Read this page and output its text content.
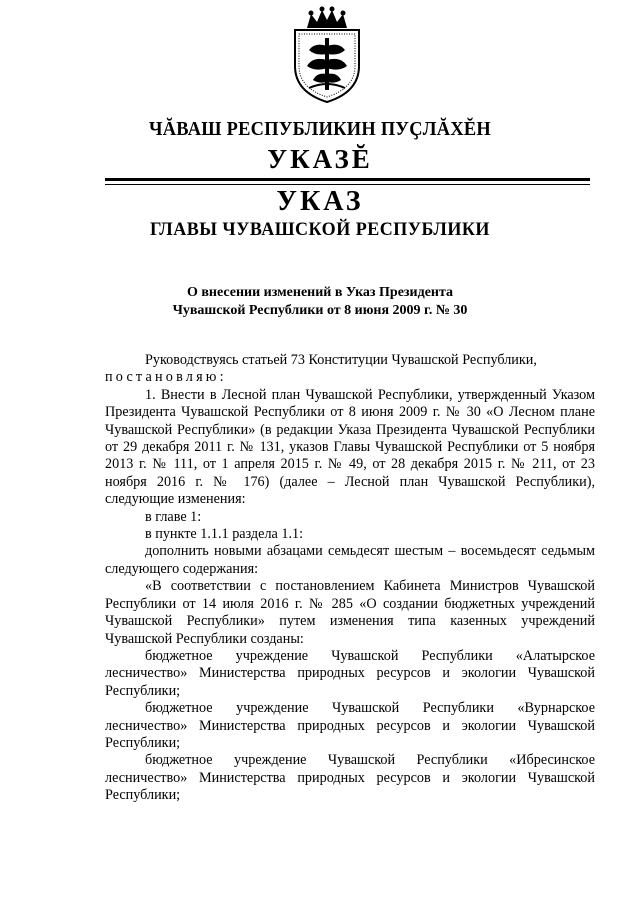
ЧĂВАШ РЕСПУБЛИКИН ПУҪЛĂХĔН
УКАЗĔ
УКАЗ
ГЛАВЫ ЧУВАШСКОЙ РЕСПУБЛИКИ
О внесении изменений в Указ Президента
Чувашской Республики от 8 июня 2009 г. № 30

Руководствуясь статьей 73 Конституции Чувашской Республики,

постановляю:

1. Внести в Лесной план Чувашской Республики, утвержденный Указом Президента Чувашской Республики от 8 июня 2009 г. № 30 «О Лесном плане Чувашской Республики» (в редакции Указа Президента Чувашской Республики от 29 декабря 2011 г. № 131, указов Главы Чувашской Республики от 5 ноября 2013 г. № 111, от 1 апреля 2015 г. № 49, от 28 декабря 2015 г. № 211, от 23 ноября 2016 г. № 176) (далее – Лесной план Чувашской Республики), следующие изменения:

в главе 1:

в пункте 1.1.1 раздела 1.1:

дополнить новыми абзацами семьдесят шестым – восемьдесят седьмым следующего содержания:

«В соответствии с постановлением Кабинета Министров Чувашской Республики от 14 июля 2016 г. № 285 «О создании бюджетных учреждений Чувашской Республики» путем изменения типа казенных учреждений Чувашской Республики созданы:

бюджетное учреждение Чувашской Республики «Алатырское лесничество» Министерства природных ресурсов и экологии Чувашской Республики;

бюджетное учреждение Чувашской Республики «Вурнарское лесничество» Министерства природных ресурсов и экологии Чувашской Республики;

бюджетное учреждение Чувашской Республики «Ибресинское лесничество» Министерства природных ресурсов и экологии Чувашской Республики;
